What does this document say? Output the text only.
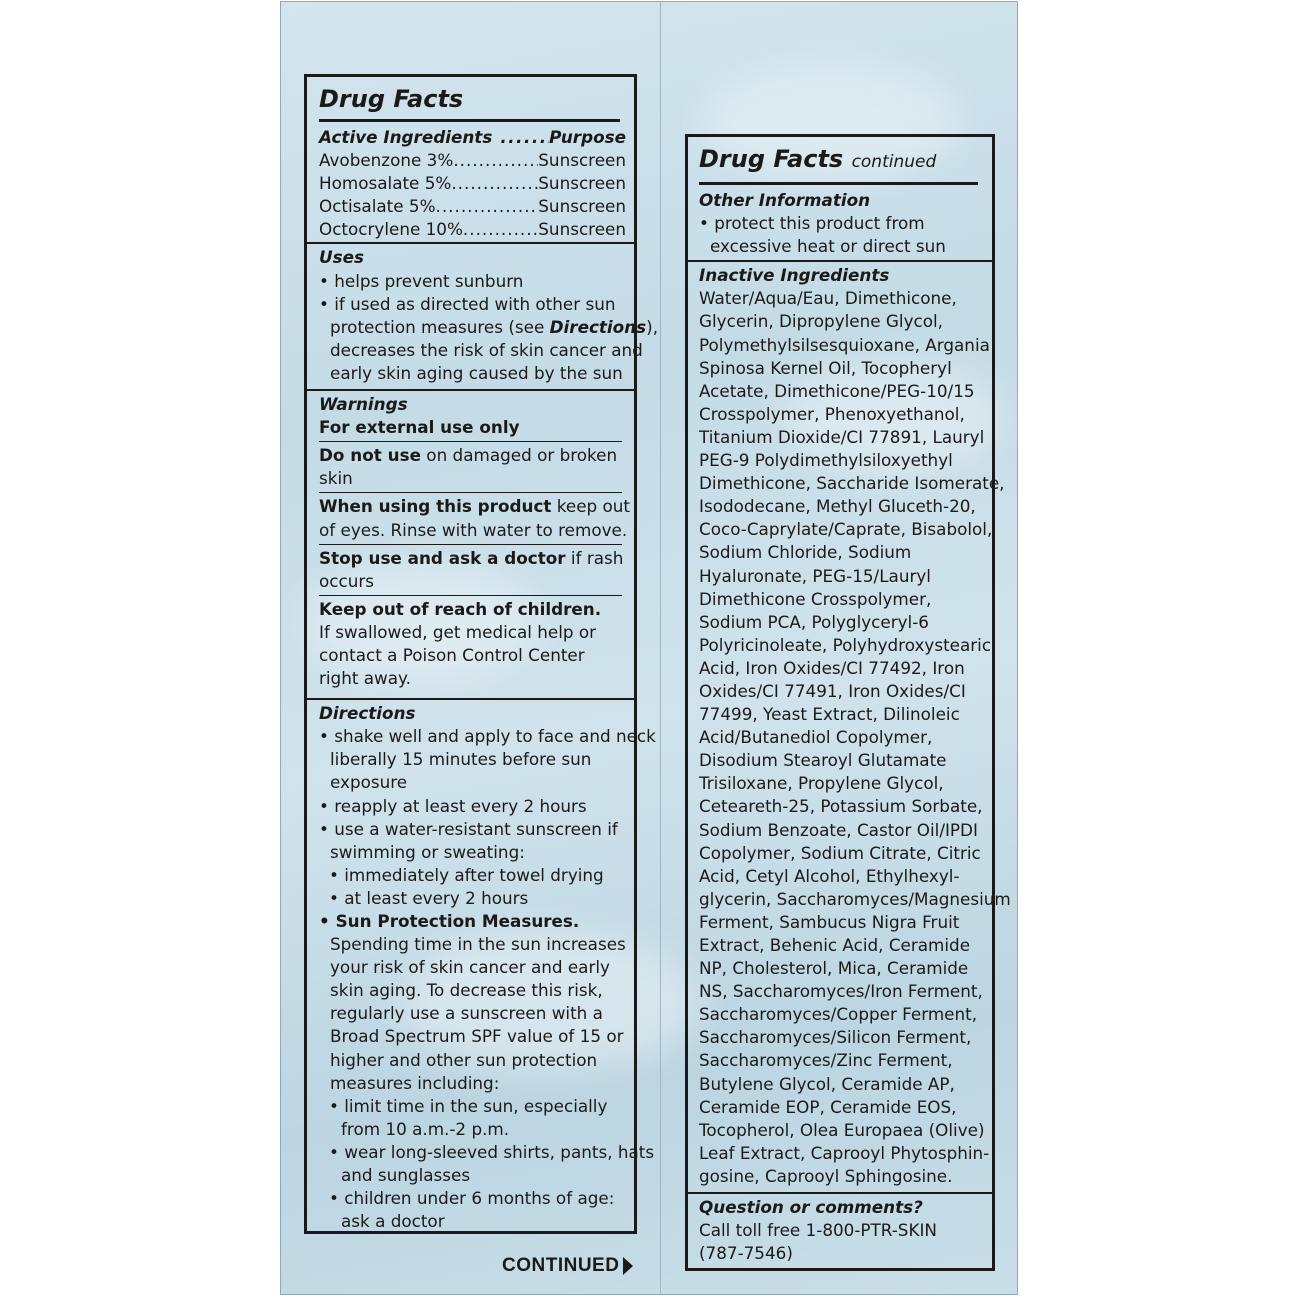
Drug Facts
Active Ingredients .....	Purpose
Avobenzone 3% .....	Sunscreen
Homosalate 5% .....	Sunscreen
Octisalate 5% .....	Sunscreen
Octocrylene 10% .....	Sunscreen
Uses
• helps prevent sunburn
• if used as directed with other sun
protection measures (see Directions),
decreases the risk of skin cancer and
early skin aging caused by the sun
Warnings
For external use only
Do not use on damaged or broken
skin
When using this product keep out
of eyes. Rinse with water to remove.
Stop use and ask a doctor if rash
occurs
Keep out of reach of children.
If swallowed, get medical help or
contact a Poison Control Center
right away.
Directions
• shake well and apply to face and neck
liberally 15 minutes before sun
exposure
• reapply at least every 2 hours
• use a water-resistant sunscreen if
swimming or sweating:
• immediately after towel drying
• at least every 2 hours
• Sun Protection Measures.
Spending time in the sun increases
your risk of skin cancer and early
skin aging. To decrease this risk,
regularly use a sunscreen with a
Broad Spectrum SPF value of 15 or
higher and other sun protection
measures including:
• limit time in the sun, especially
from 10 a.m.-2 p.m.
• wear long-sleeved shirts, pants, hats
and sunglasses
• children under 6 months of age:
ask a doctor
CONTINUED
Drug Facts continued
Other Information
• protect this product from
excessive heat or direct sun
Inactive Ingredients
Water/Aqua/Eau, Dimethicone,
Glycerin, Dipropylene Glycol,
Polymethylsilsesquioxane, Argania
Spinosa Kernel Oil, Tocopheryl
Acetate, Dimethicone/PEG-10/15
Crosspolymer, Phenoxyethanol,
Titanium Dioxide/CI 77891, Lauryl
PEG-9 Polydimethylsiloxyethyl
Dimethicone, Saccharide Isomerate,
Isododecane, Methyl Gluceth-20,
Coco-Caprylate/Caprate, Bisabolol,
Sodium Chloride, Sodium
Hyaluronate, PEG-15/Lauryl
Dimethicone Crosspolymer,
Sodium PCA, Polyglyceryl-6
Polyricinoleate, Polyhydroxystearic
Acid, Iron Oxides/CI 77492, Iron
Oxides/CI 77491, Iron Oxides/CI
77499, Yeast Extract, Dilinoleic
Acid/Butanediol Copolymer,
Disodium Stearoyl Glutamate
Trisiloxane, Propylene Glycol,
Ceteareth-25, Potassium Sorbate,
Sodium Benzoate, Castor Oil/IPDI
Copolymer, Sodium Citrate, Citric
Acid, Cetyl Alcohol, Ethylhexyl-
glycerin, Saccharomyces/Magnesium
Ferment, Sambucus Nigra Fruit
Extract, Behenic Acid, Ceramide
NP, Cholesterol, Mica, Ceramide
NS, Saccharomyces/Iron Ferment,
Saccharomyces/Copper Ferment,
Saccharomyces/Silicon Ferment,
Saccharomyces/Zinc Ferment,
Butylene Glycol, Ceramide AP,
Ceramide EOP, Ceramide EOS,
Tocopherol, Olea Europaea (Olive)
Leaf Extract, Caprooyl Phytosphin-
gosine, Caprooyl Sphingosine.
Question or comments?
Call toll free 1-800-PTR-SKIN
(787-7546)
